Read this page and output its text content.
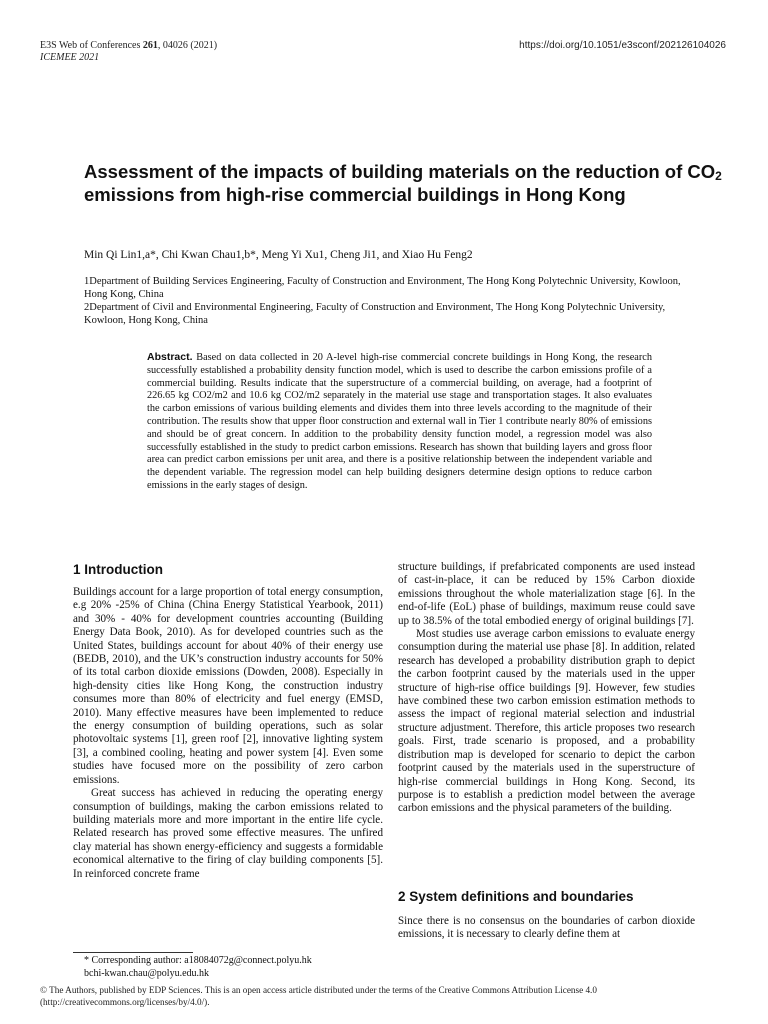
E3S Web of Conferences 261, 04026 (2021)
ICEMEE 2021
https://doi.org/10.1051/e3sconf/202126104026
Assessment of the impacts of building materials on the reduction of $CO_2$ emissions from high-rise commercial buildings in Hong Kong
Min Qi Lin1,a*, Chi Kwan Chau1,b*, Meng Yi Xu1, Cheng Ji1, and Xiao Hu Feng2

1Department of Building Services Engineering, Faculty of Construction and Environment, The Hong Kong Polytechnic University, Kowloon, Hong Kong, China

2Department of Civil and Environmental Engineering, Faculty of Construction and Environment, The Hong Kong Polytechnic University, Kowloon, Hong Kong, China

Abstract. Based on data collected in 20 A-level high-rise commercial concrete buildings in Hong Kong, the research successfully established a probability density function model, which is used to describe the carbon emissions profile of a commercial building. Results indicate that the superstructure of a commercial building, on average, had a footprint of 226.65 kg CO2/m2 and 10.6 kg CO2/m2 separately in the material use stage and transportation stages. It also evaluates the carbon emissions of various building elements and divides them into three levels according to the magnitude of their contribution. The results show that upper floor construction and external wall in Tier 1 contribute nearly 80% of emissions and should be of great concern. In addition to the probability density function model, a regression model was also successfully established in the study to predict carbon emissions. Research has shown that building layers and gross floor area can predict carbon emissions per unit area, and there is a positive relationship between the independent variable and the dependent variable. The regression model can help building designers determine design options to reduce carbon emissions in the early stages of design.
1 Introduction

Buildings account for a large proportion of total energy consumption, e.g 20% -25% of China (China Energy Statistical Yearbook, 2011) and 30% - 40% for development countries accounting (Building Energy Data Book, 2010). As for developed countries such as the United States, buildings account for about 40% of their energy use (BEDB, 2010), and the UK’s construction industry accounts for 50% of its total carbon dioxide emissions (Dowden, 2008). Especially in high-density cities like Hong Kong, the construction industry consumes more than 80% of electricity and fuel energy (EMSD, 2010). Many effective measures have been implemented to reduce the energy consumption of building operations, such as solar photovoltaic systems [1], green roof [2], innovative lighting system [3], a combined cooling, heating and power system [4]. Even some studies have focused more on the possibility of zero carbon emissions.

Great success has achieved in reducing the operating energy consumption of buildings, making the carbon emissions related to building materials more and more important in the entire life cycle. Related research has proved some effective measures. The unfired clay material has shown energy-efficiency and suggests a formidable economical alternative to the firing of clay building components [5]. In reinforced concrete frame

structure buildings, if prefabricated components are used instead of cast-in-place, it can be reduced by 15% Carbon dioxide emissions throughout the whole materialization stage [6]. In the end-of-life (EoL) phase of buildings, maximum reuse could save up to 38.5% of the total embodied energy of original buildings [7].

Most studies use average carbon emissions to evaluate energy consumption during the material use phase [8]. In addition, related research has developed a probability distribution graph to depict the carbon footprint caused by the materials used in the upper structure of high-rise office buildings [9]. However, few studies have combined these two carbon emission estimation methods to assess the impact of regional material selection and industrial structure adjustment. Therefore, this article proposes two research goals. First, trade scenario is proposed, and a probability distribution map is developed for scenario to depict the carbon footprint caused by the materials used in the superstructure of high-rise commercial buildings in Hong Kong. Second, its purpose is to establish a prediction model between the average carbon emissions and the physical parameters of the building.

2 System definitions and boundaries

Since there is no consensus on the boundaries of carbon dioxide emissions, it is necessary to clearly define them at

* Corresponding author: a18084072g@connect.polyu.hk
bchi-kwan.chau@polyu.edu.hk
© The Authors, published by EDP Sciences. This is an open access article distributed under the terms of the Creative Commons Attribution License 4.0 (http://creativecommons.org/licenses/by/4.0/).
